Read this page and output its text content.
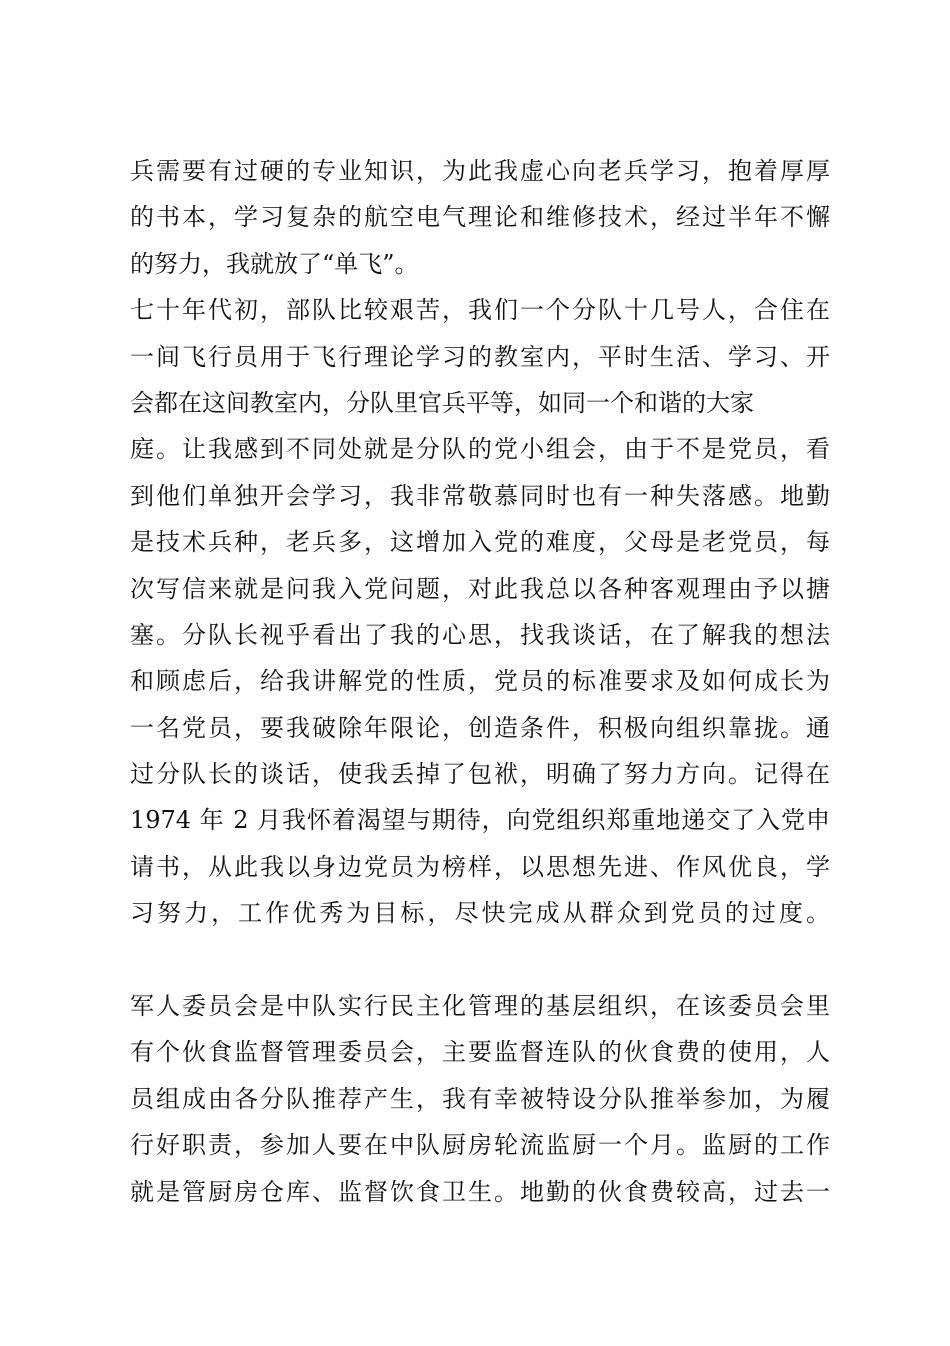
兵需要有过硬的专业知识，为此我虚心向老兵学习，抱着厚厚
的书本，学习复杂的航空电气理论和维修技术，经过半年不懈
的努力，我就放了“单飞”。
七十年代初，部队比较艰苦，我们一个分队十几号人，合住在
一间飞行员用于飞行理论学习的教室内，平时生活、学习、开
会都在这间教室内，分队里官兵平等，如同一个和谐的大家
庭。让我感到不同处就是分队的党小组会，由于不是党员，看
到他们单独开会学习，我非常敬慕同时也有一种失落感。地勤
是技术兵种，老兵多，这增加入党的难度，父母是老党员，每
次写信来就是问我入党问题，对此我总以各种客观理由予以搪
塞。分队长视乎看出了我的心思，找我谈话，在了解我的想法
和顾虑后，给我讲解党的性质，党员的标准要求及如何成长为
一名党员，要我破除年限论，创造条件，积极向组织靠拢。通
过分队长的谈话，使我丢掉了包袱，明确了努力方向。记得在
1974 年 2 月我怀着渴望与期待，向党组织郑重地递交了入党申
请书，从此我以身边党员为榜样，以思想先进、作风优良，学
习努力，工作优秀为目标，尽快完成从群众到党员的过度。
军人委员会是中队实行民主化管理的基层组织，在该委员会里
有个伙食监督管理委员会，主要监督连队的伙食费的使用，人
员组成由各分队推荐产生，我有幸被特设分队推举参加，为履
行好职责，参加人要在中队厨房轮流监厨一个月。监厨的工作
就是管厨房仓库、监督饮食卫生。地勤的伙食费较高，过去一
